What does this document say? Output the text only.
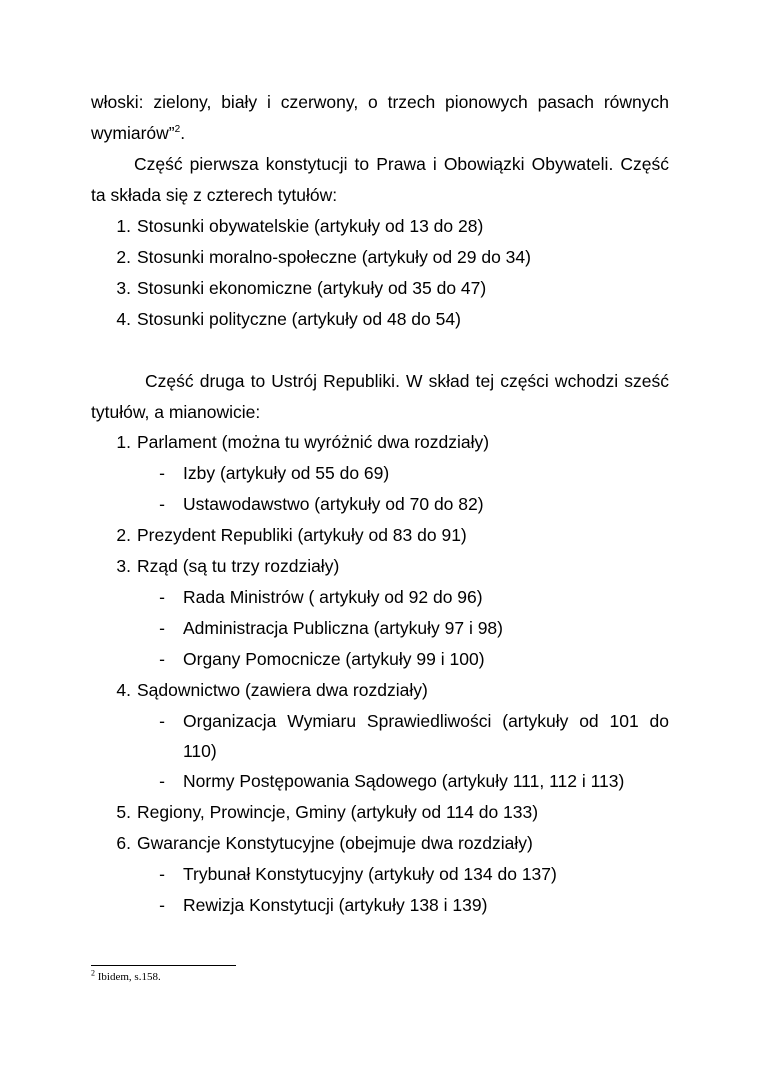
włoski: zielony, biały i czerwony, o trzech pionowych pasach równych
wymiarów”$^2$.
Część pierwsza konstytucji to Prawa i Obowiązki Obywateli. Część
ta składa się z czterech tytułów:
1. Stosunki obywatelskie (artykuły od 13 do 28)
2. Stosunki moralno-społeczne (artykuły od 29 do 34)
3. Stosunki ekonomiczne (artykuły od 35 do 47)
4. Stosunki polityczne (artykuły od 48 do 54)
Część druga to Ustrój Republiki. W skład tej części wchodzi sześć
tytułów, a mianowicie:
1. Parlament (można tu wyróżnić dwa rozdziały)
- Izby (artykuły od 55 do 69)
- Ustawodawstwo (artykuły od 70 do 82)
2. Prezydent Republiki (artykuły od 83 do 91)
3. Rząd (są tu trzy rozdziały)
- Rada Ministrów ( artykuły od 92 do 96)
- Administracja Publiczna (artykuły 97 i 98)
- Organy Pomocnicze (artykuły 99 i 100)
4. Sądownictwo (zawiera dwa rozdziały)
- Organizacja Wymiaru Sprawiedliwości (artykuły od 101 do
110)
- Normy Postępowania Sądowego (artykuły 111, 112 i 113)
5. Regiony, Prowincje, Gminy (artykuły od 114 do 133)
6. Gwarancje Konstytucyjne (obejmuje dwa rozdziały)
- Trybunał Konstytucyjny (artykuły od 134 do 137)
- Rewizja Konstytucji (artykuły 138 i 139)
$^2$ Ibidem, s.158.
